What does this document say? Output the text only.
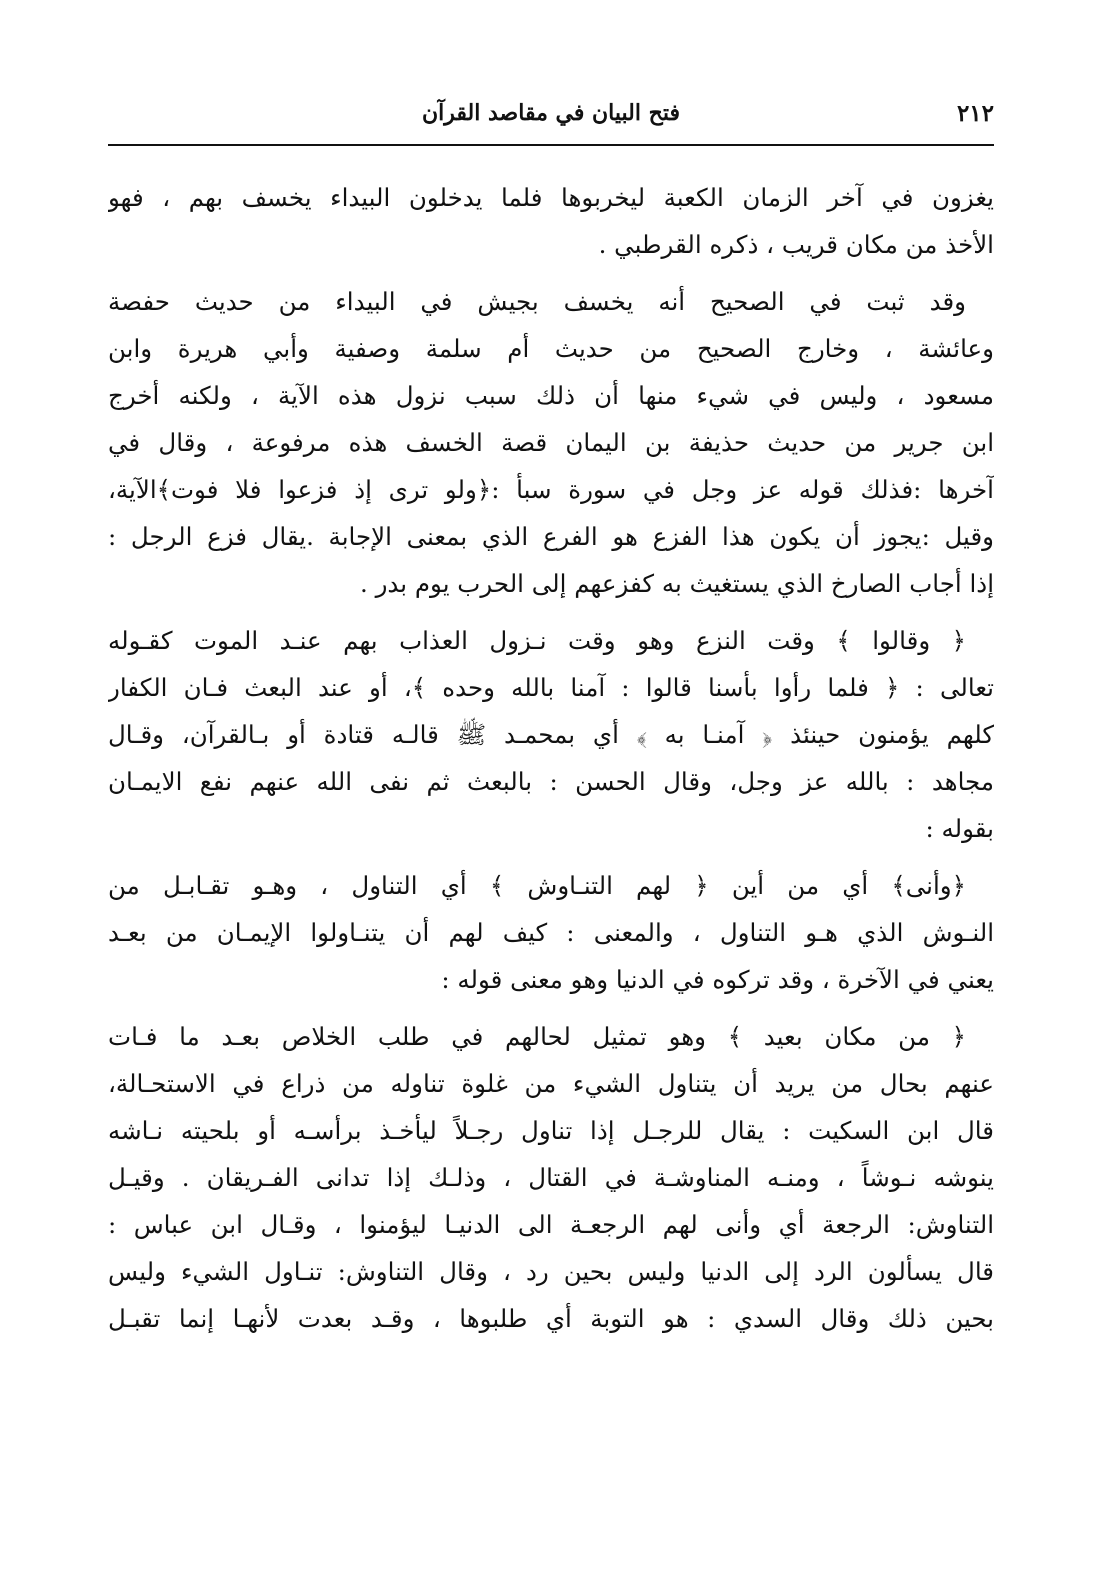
٢١٢
فتح البيان في مقاصد القرآن
يغزون في آخر الزمان الكعبة ليخربوها فلما يدخلون البيداء يخسف بهم ، فهو
الأخذ من مكان قريب ، ذكره القرطبي .
وقد ثبت في الصحيح أنه يخسف بجيش في البيداء من حديث حفصة
وعائشة ، وخارج الصحيح من حديث أم سلمة وصفية وأبي هريرة وابن
مسعود ، وليس في شيء منها أن ذلك سبب نزول هذه الآية ، ولكنه أخرج
ابن جرير من حديث حذيفة بن اليمان قصة الخسف هذه مرفوعة ، وقال في
آخرها :فذلك قوله عز وجل في سورة سبأ :﴿ولو ترى إذ فزعوا فلا فوت﴾الآية،
وقيل :يجوز أن يكون هذا الفزع هو الفرع الذي بمعنى الإجابة .يقال فزع الرجل :
إذا أجاب الصارخ الذي يستغيث به كفزعهم إلى الحرب يوم بدر .
﴿ وقالوا ﴾ وقت النزع وهو وقت نـزول العذاب بهم عنـد الموت كقـوله
تعالى : ﴿ فلما رأوا بأسنا قالوا : آمنا بالله وحده ﴾، أو عند البعث فـان الكفار
كلهم يؤمنون حينئذ ﴿ آمنـا به ﴾ أي بمحمـد ﷺ قالـه قتادة أو بـالقرآن، وقـال
مجاهد : بالله عز وجل، وقال الحسن : بالبعث ثم نفى الله عنهم نفع الايمـان
بقوله :
﴿وأنى﴾ أي من أين ﴿ لهم التنـاوش ﴾ أي التناول ، وهـو تقـابـل من
النـوش الذي هـو التناول ، والمعنى : كيف لهم أن يتنـاولوا الإيمـان من بعـد
يعني في الآخرة ، وقد تركوه في الدنيا وهو معنى قوله :
﴿ من مكان بعيد ﴾ وهو تمثيل لحالهم في طلب الخلاص بعـد ما فـات
عنهم بحال من يريد أن يتناول الشيء من غلوة تناوله من ذراع في الاستحـالة،
قال ابن السكيت : يقال للرجـل إذا تناول رجـلاً ليأخـذ برأسـه أو بلحيته نـاشه
ينوشه نـوشاً ، ومنـه المناوشـة في القتال ، وذلـك إذا تدانى الفـريقان . وقيـل
التناوش: الرجعة أي وأنى لهم الرجعـة الى الدنيـا ليؤمنوا ، وقـال ابن عباس :
قال يسألون الرد إلى الدنيا وليس بحين رد ، وقال التناوش: تنـاول الشيء وليس
بحين ذلك وقال السدي : هو التوبة أي طلبوها ، وقـد بعدت لأنهـا إنما تقبـل
